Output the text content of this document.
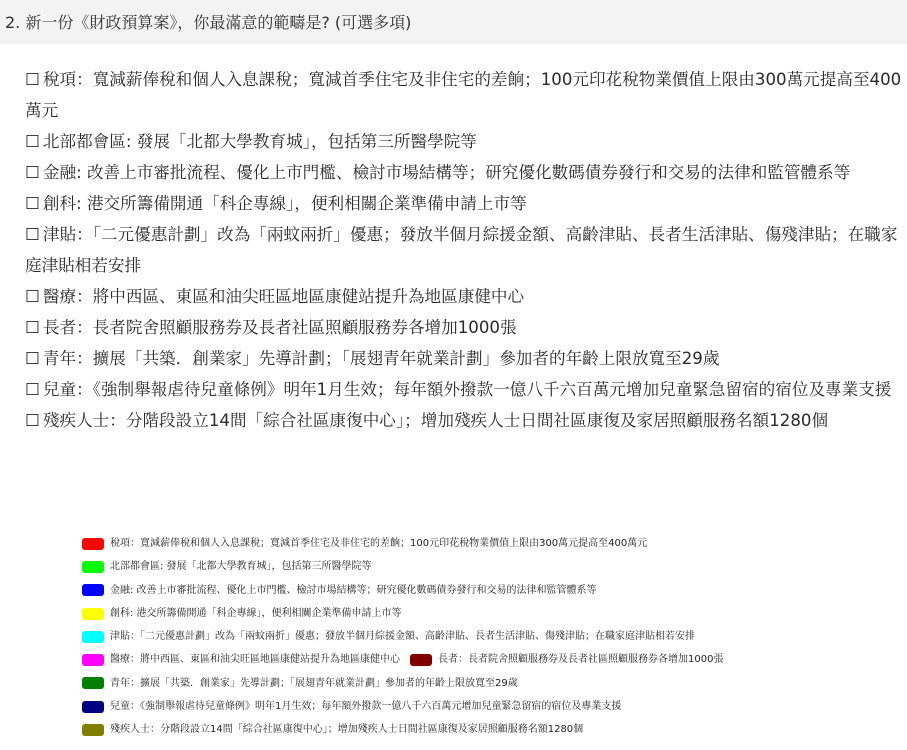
2. 新一份《財政預算案》，你最滿意的範疇是? (可選多項)
☐ 稅項：寬減薪俸稅和個人入息課稅；寬減首季住宅及非住宅的差餉；100元印花稅物業價值上限由300萬元提高至400萬元
☐ 北部都會區: 發展「北都大學教育城」，包括第三所醫學院等
☐ 金融: 改善上市審批流程、優化上市門檻、檢討市場結構等；研究優化數碼債券發行和交易的法律和監管體系等
☐ 創科: 港交所籌備開通「科企專線」，便利相關企業準備申請上市等
☐ 津貼：「二元優惠計劃」改為「兩蚊兩折」優惠；發放半個月綜援金額、高齡津貼、長者生活津貼、傷殘津貼；在職家庭津貼相若安排
☐ 醫療：將中西區、東區和油尖旺區地區康健站提升為地區康健中心
☐ 長者：長者院舍照顧服務券及長者社區照顧服務券各增加1000張
☐ 青年：擴展「共築．創業家」先導計劃；「展翅青年就業計劃」參加者的年齡上限放寬至29歲
☐ 兒童：《強制舉報虐待兒童條例》明年1月生效；每年額外撥款一億八千六百萬元增加兒童緊急留宿的宿位及專業支援
☐ 殘疾人士：分階段設立14間「綜合社區康復中心」；增加殘疾人士日間社區康復及家居照顧服務名額1280個
稅項：寬減薪俸稅和個人入息課稅；寬減首季住宅及非住宅的差餉；100元印花稅物業價值上限由300萬元提高至400萬元
北部都會區: 發展「北都大學教育城」，包括第三所醫學院等
金融: 改善上市審批流程、優化上市門檻、檢討市場結構等；研究優化數碼債券發行和交易的法律和監管體系等
創科: 港交所籌備開通「科企專線」，便利相關企業準備申請上市等
津貼：「二元優惠計劃」改為「兩蚊兩折」優惠；發放半個月綜援金額、高齡津貼、長者生活津貼、傷殘津貼；在職家庭津貼相若安排
醫療：將中西區、東區和油尖旺區地區康健站提升為地區康健中心	長者：長者院舍照顧服務券及長者社區照顧服務券各增加1000張
青年：擴展「共築．創業家」先導計劃；「展翅青年就業計劃」參加者的年齡上限放寬至29歲
兒童：《強制舉報虐待兒童條例》明年1月生效；每年額外撥款一億八千六百萬元增加兒童緊急留宿的宿位及專業支援
殘疾人士：分階段設立14間「綜合社區康復中心」；增加殘疾人士日間社區康復及家居照顧服務名額1280個
